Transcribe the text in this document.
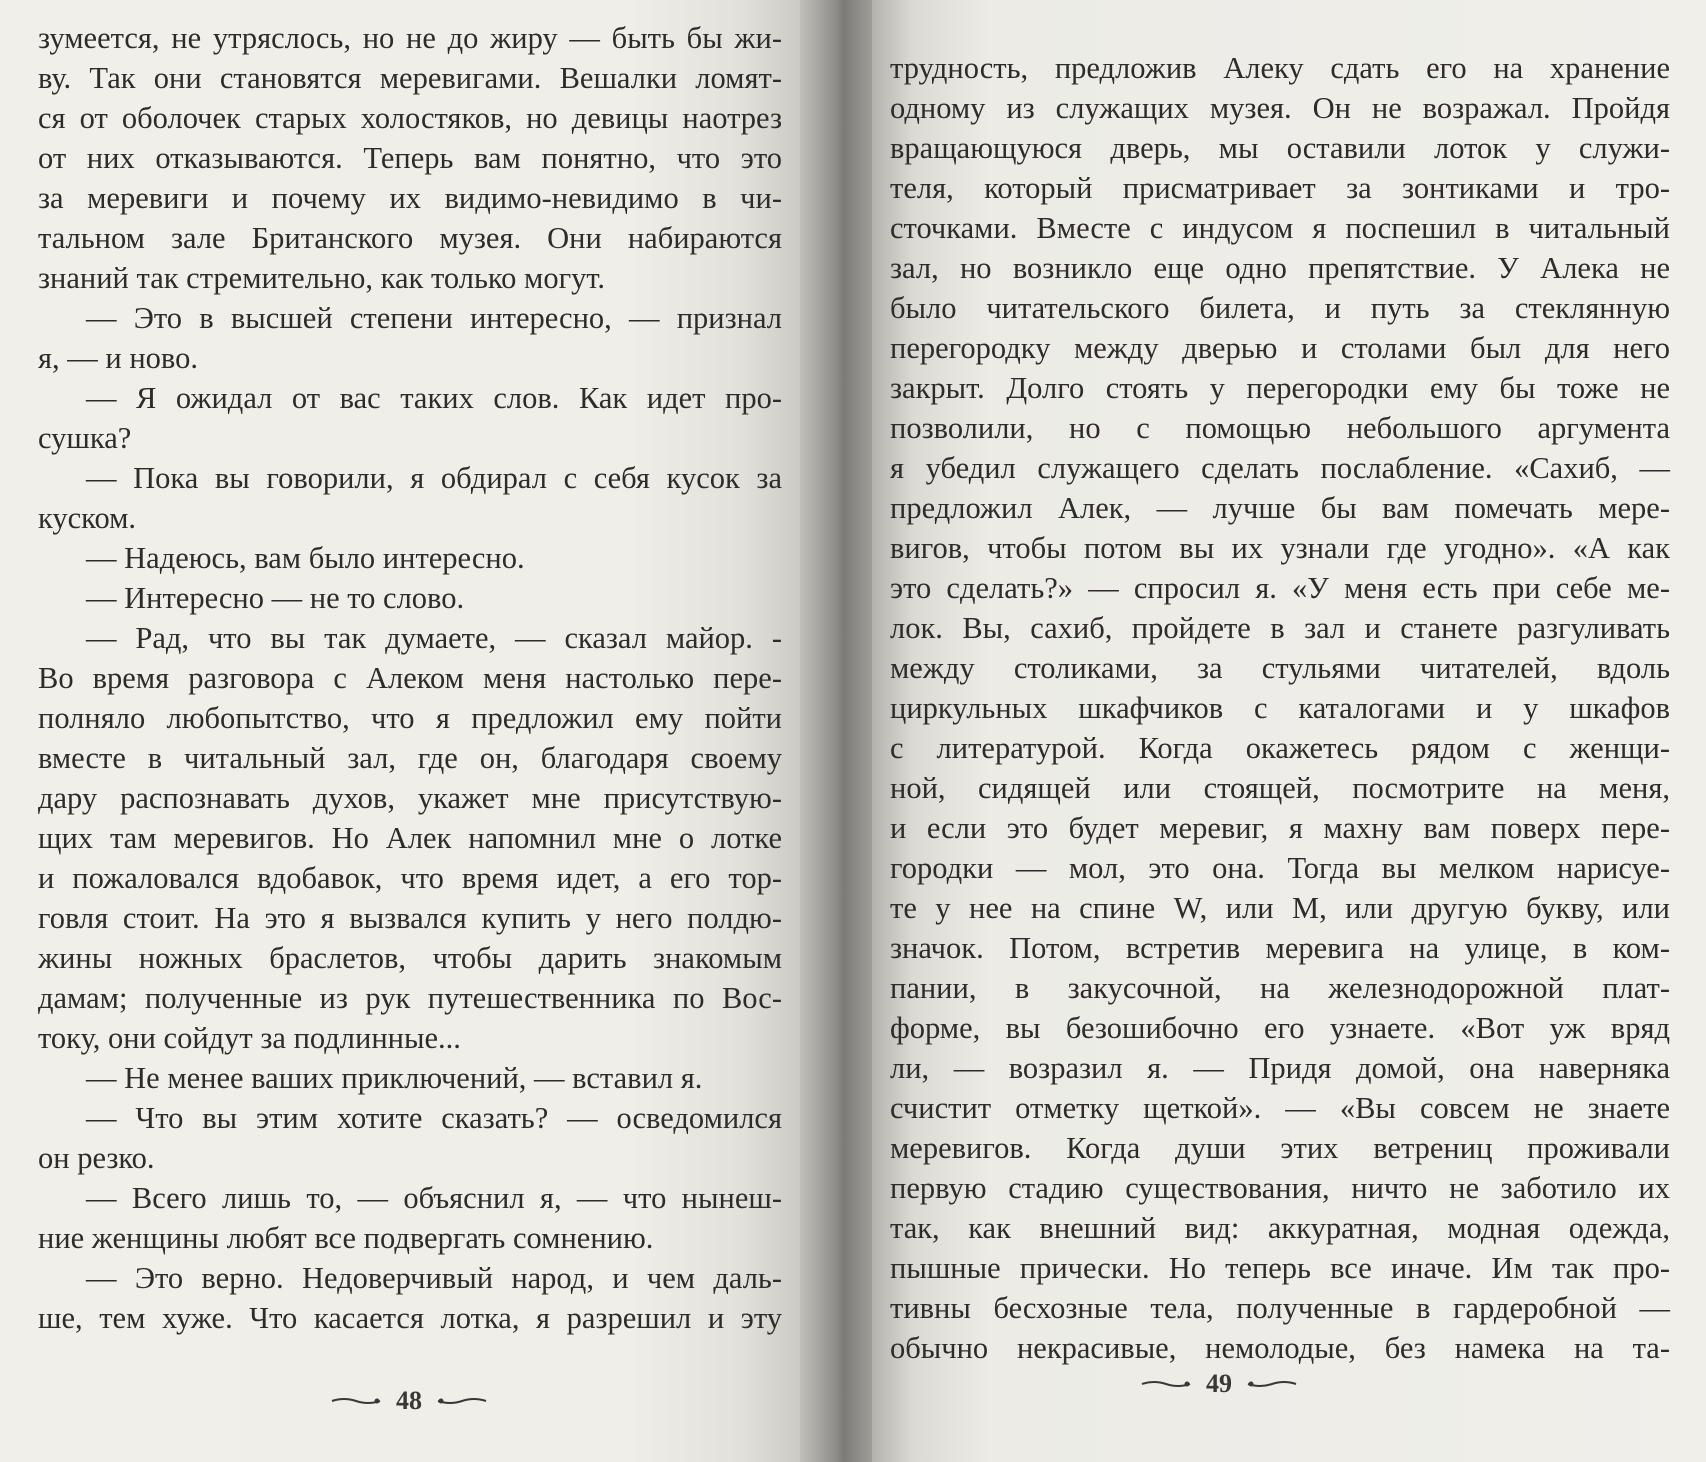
зумеется, не утряслось, но не до жиру — быть бы жи-
ву. Так они становятся меревигами. Вешалки ломят-
ся от оболочек старых холостяков, но девицы наотрез
от них отказываются. Теперь вам понятно, что это
за меревиги и почему их видимо-невидимо в чи-
тальном зале Британского музея. Они набираются
знаний так стремительно, как только могут.
— Это в высшей степени интересно, — признал
я, — и ново.
— Я ожидал от вас таких слов. Как идет про-
сушка?
— Пока вы говорили, я обдирал с себя кусок за
куском.
— Надеюсь, вам было интересно.
— Интересно — не то слово.
— Рад, что вы так думаете, — сказал майор. -
Во время разговора с Алеком меня настолько пере-
полняло любопытство, что я предложил ему пойти
вместе в читальный зал, где он, благодаря своему
дару распознавать духов, укажет мне присутствую-
щих там меревигов. Но Алек напомнил мне о лотке
и пожаловался вдобавок, что время идет, а его тор-
говля стоит. На это я вызвался купить у него полдю-
жины ножных браслетов, чтобы дарить знакомым
дамам; полученные из рук путешественника по Вос-
току, они сойдут за подлинные...
— Не менее ваших приключений, — вставил я.
— Что вы этим хотите сказать? — осведомился
он резко.
— Всего лишь то, — объяснил я, — что нынеш-
ние женщины любят все подвергать сомнению.
— Это верно. Недоверчивый народ, и чем даль-
ше, тем хуже. Что касается лотка, я разрешил и эту
48
трудность, предложив Алеку сдать его на хранение
одному из служащих музея. Он не возражал. Пройдя
вращающуюся дверь, мы оставили лоток у служи-
теля, который присматривает за зонтиками и тро-
сточками. Вместе с индусом я поспешил в читальный
зал, но возникло еще одно препятствие. У Алека не
было читательского билета, и путь за стеклянную
перегородку между дверью и столами был для него
закрыт. Долго стоять у перегородки ему бы тоже не
позволили, но с помощью небольшого аргумента
я убедил служащего сделать послабление. «Сахиб, —
предложил Алек, — лучше бы вам помечать мере-
вигов, чтобы потом вы их узнали где угодно». «А как
это сделать?» — спросил я. «У меня есть при себе ме-
лок. Вы, сахиб, пройдете в зал и станете разгуливать
между столиками, за стульями читателей, вдоль
циркульных шкафчиков с каталогами и у шкафов
с литературой. Когда окажетесь рядом с женщи-
ной, сидящей или стоящей, посмотрите на меня,
и если это будет меревиг, я махну вам поверх пере-
городки — мол, это она. Тогда вы мелком нарисуе-
те у нее на спине W, или М, или другую букву, или
значок. Потом, встретив меревига на улице, в ком-
пании, в закусочной, на железнодорожной плат-
форме, вы безошибочно его узнаете. «Вот уж вряд
ли, — возразил я. — Придя домой, она наверняка
счистит отметку щеткой». — «Вы совсем не знаете
меревигов. Когда души этих ветрениц проживали
первую стадию существования, ничто не заботило их
так, как внешний вид: аккуратная, модная одежда,
пышные прически. Но теперь все иначе. Им так про-
тивны бесхозные тела, полученные в гардеробной —
обычно некрасивые, немолодые, без намека на та-
49
